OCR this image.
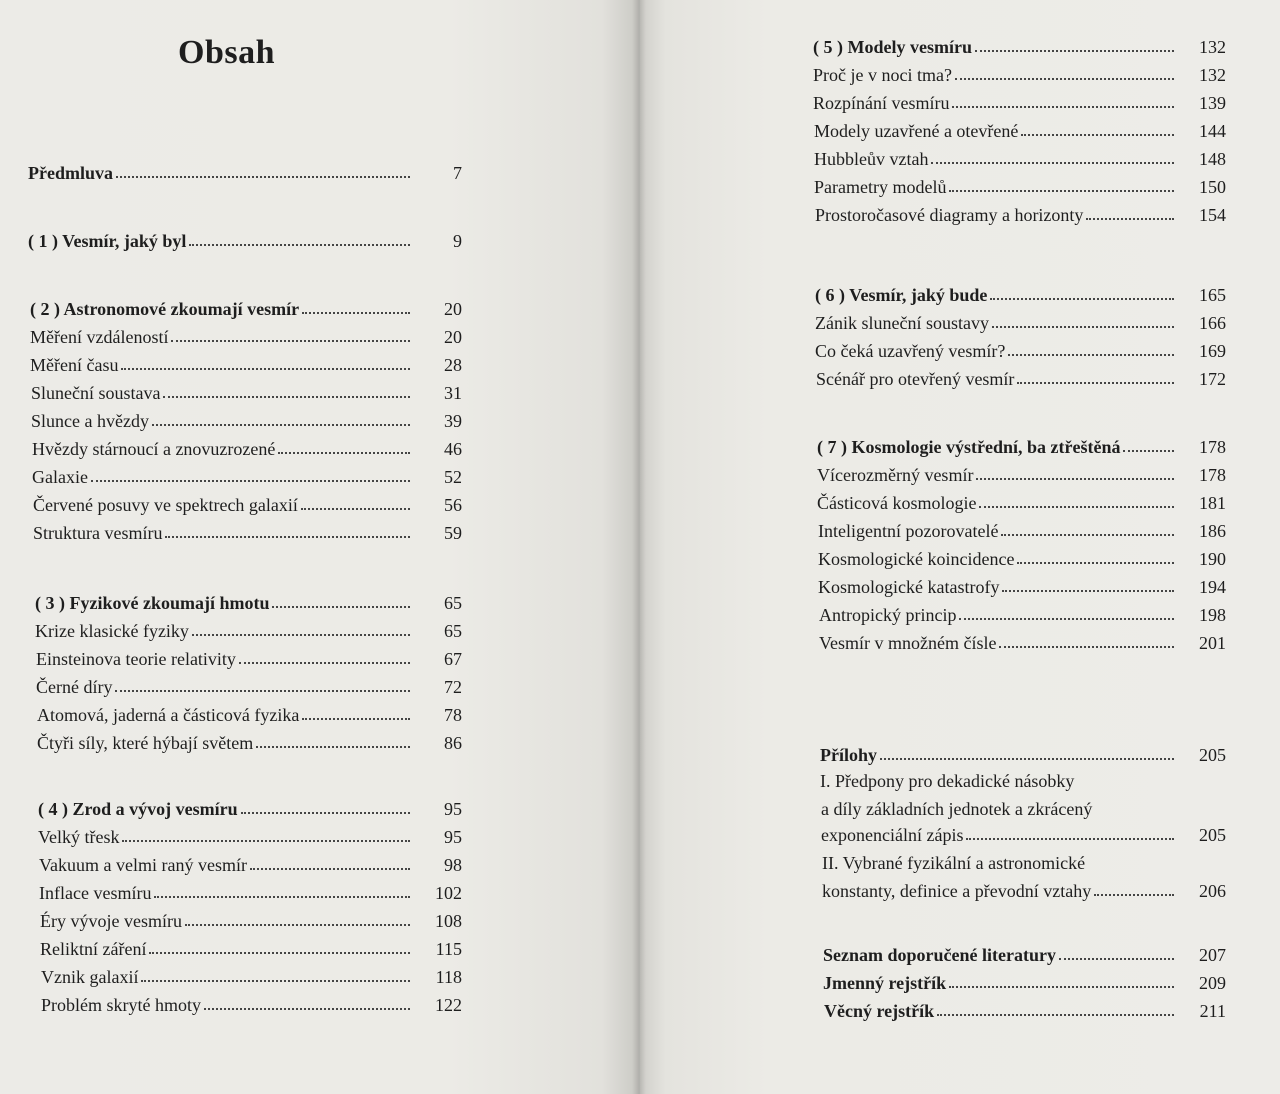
Obsah
Předmluva	7
( 1 ) Vesmír, jaký byl	9
( 2 ) Astronomové zkoumají vesmír	20
Měření vzdáleností	20
Měření času	28
Sluneční soustava	31
Slunce a hvězdy	39
Hvězdy stárnoucí a znovuzrozené	46
Galaxie	52
Červené posuvy ve spektrech galaxií	56
Struktura vesmíru	59
( 3 ) Fyzikové zkoumají hmotu	65
Krize klasické fyziky	65
Einsteinova teorie relativity	67
Černé díry	72
Atomová, jaderná a částicová fyzika	78
Čtyři síly, které hýbají světem	86
( 4 ) Zrod a vývoj vesmíru	95
Velký třesk	95
Vakuum a velmi raný vesmír	98
Inflace vesmíru	102
Éry vývoje vesmíru	108
Reliktní záření	115
Vznik galaxií	118
Problém skryté hmoty	122
( 5 ) Modely vesmíru	132
Proč je v noci tma?	132
Rozpínání vesmíru	139
Modely uzavřené a otevřené	144
Hubbleův vztah	148
Parametry modelů	150
Prostoročasové diagramy a horizonty	154
( 6 ) Vesmír, jaký bude	165
Zánik sluneční soustavy	166
Co čeká uzavřený vesmír?	169
Scénář pro otevřený vesmír	172
( 7 ) Kosmologie výstřední, ba ztřeštěná	178
Vícerozměrný vesmír	178
Částicová kosmologie	181
Inteligentní pozorovatelé	186
Kosmologické koincidence	190
Kosmologické katastrofy	194
Antropický princip	198
Vesmír v množném čísle	201
Přílohy	205
I. Předpony pro dekadické násobky
a díly základních jednotek a zkrácený
exponenciální zápis	205
II. Vybrané fyzikální a astronomické
konstanty, definice a převodní vztahy	206
Seznam doporučené literatury	207
Jmenný rejstřík	209
Věcný rejstřík	211
